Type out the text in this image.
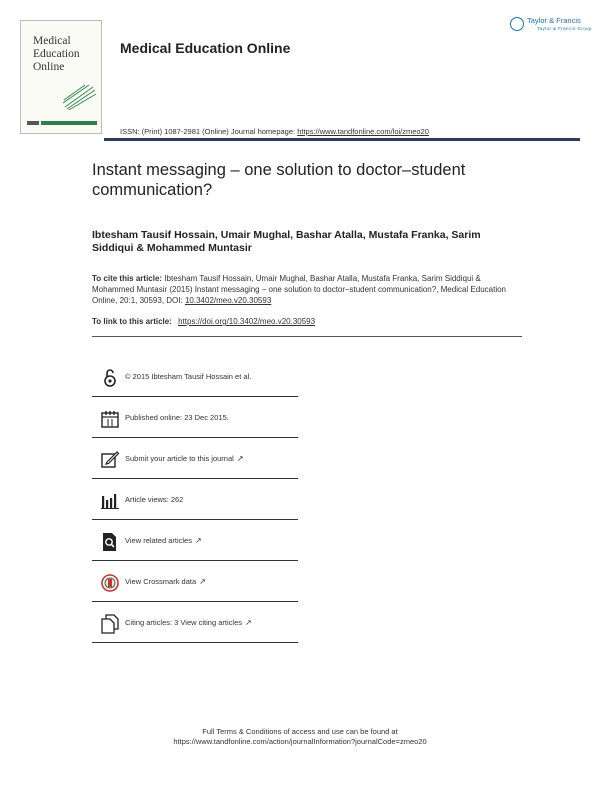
Medical
Education
Online
Medical Education Online
Taylor & Francis
Taylor & Francis Group
ISSN: (Print) 1087-2981 (Online) Journal homepage: https://www.tandfonline.com/loi/zmeo20
Instant messaging – one solution to doctor–student communication?
Ibtesham Tausif Hossain, Umair Mughal, Bashar Atalla, Mustafa Franka, Sarim Siddiqui & Mohammed Muntasir
To cite this article: Ibtesham Tausif Hossain, Umair Mughal, Bashar Atalla, Mustafa Franka, Sarim Siddiqui & Mohammed Muntasir (2015) Instant messaging – one solution to doctor–student communication?, Medical Education Online, 20:1, 30593, DOI: 10.3402/meo.v20.30593
To link to this article: https://doi.org/10.3402/meo.v20.30593
© 2015 Ibtesham Tausif Hossain et al.
Published online: 23 Dec 2015.
Submit your article to this journal ↗
Article views: 262
View related articles ↗
View Crossmark data ↗
Citing articles: 3 View citing articles ↗
Full Terms & Conditions of access and use can be found at
https://www.tandfonline.com/action/journalInformation?journalCode=zmeo20
